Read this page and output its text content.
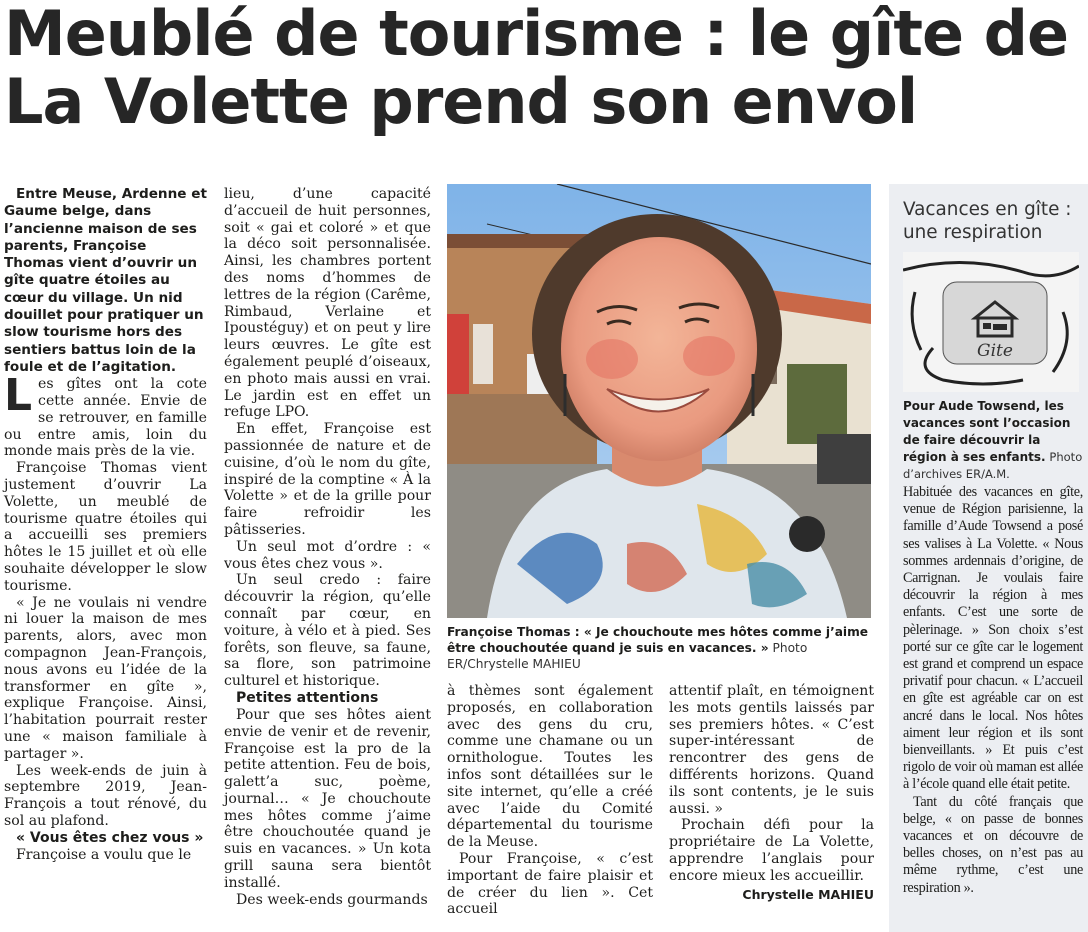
Meublé de tourisme : le gîte de La Volette prend son envol

Entre Meuse, Ardenne et Gaume belge, dans l’ancienne maison de ses parents, Françoise Thomas vient d’ouvrir un gîte quatre étoiles au cœur du village. Un nid douillet pour pratiquer un slow tourisme hors des sentiers battus loin de la foule et de l’agitation.

Les gîtes ont la cote cette année. Envie de se retrouver, en famille ou entre amis, loin du monde mais près de la vie.

Françoise Thomas vient justement d’ouvrir La Volette, un meublé de tourisme quatre étoiles qui a accueilli ses premiers hôtes le 15 juillet et où elle souhaite développer le slow tourisme.

« Je ne voulais ni vendre ni louer la maison de mes parents, alors, avec mon compagnon Jean-François, nous avons eu l’idée de la transformer en gîte », explique Françoise. Ainsi, l’habitation pourrait rester une « maison familiale à partager ».

Les week-ends de juin à septembre 2019, Jean-François a tout rénové, du sol au plafond.

« Vous êtes chez vous »

Françoise a voulu que le

lieu, d’une capacité d’accueil de huit personnes, soit « gai et coloré » et que la déco soit personnalisée. Ainsi, les chambres portent des noms d’hommes de lettres de la région (Carême, Rimbaud, Verlaine et Ipoustéguy) et on peut y lire leurs œuvres. Le gîte est également peuplé d’oiseaux, en photo mais aussi en vrai. Le jardin est en effet un refuge LPO.

En effet, Françoise est passionnée de nature et de cuisine, d’où le nom du gîte, inspiré de la comptine « À la Volette » et de la grille pour faire refroidir les pâtisseries.

Un seul mot d’ordre : « vous êtes chez vous ».

Un seul credo : faire découvrir la région, qu’elle connaît par cœur, en voiture, à vélo et à pied. Ses forêts, son fleuve, sa faune, sa flore, son patrimoine culturel et historique.

Petites attentions

Pour que ses hôtes aient envie de venir et de revenir, Françoise est la pro de la petite attention. Feu de bois, galett’a suc, poème, journal… « Je chouchoute mes hôtes comme j’aime être chouchoutée quand je suis en vacances. » Un kota grill sauna sera bientôt installé.

Des week-ends gourmands

Françoise Thomas : « Je chouchoute mes hôtes comme j’aime être chouchoutée quand je suis en vacances. » Photo ER/Chrystelle MAHIEU

à thèmes sont également proposés, en collaboration avec des gens du cru, comme une chamane ou un ornithologue. Toutes les infos sont détaillées sur le site internet, qu’elle a créé avec l’aide du Comité départemental du tourisme de la Meuse.

Pour Françoise, « c’est important de faire plaisir et de créer du lien ». Cet accueil

attentif plaît, en témoignent les mots gentils laissés par ses premiers hôtes. « C’est super-intéressant de rencontrer des gens de différents horizons. Quand ils sont contents, je le suis aussi. »

Prochain défi pour la propriétaire de La Volette, apprendre l’anglais pour encore mieux les accueillir.

Chrystelle MAHIEU

Vacances en gîte : une respiration
Gite
Pour Aude Towsend, les vacances sont l’occasion de faire découvrir la région à ses enfants. Photo d’archives ER/A.M.

Habituée des vacances en gîte, venue de Région parisienne, la famille d’Aude Towsend a posé ses valises à La Volette. « Nous sommes ardennais d’origine, de Carrignan. Je voulais faire découvrir la région à mes enfants. C’est une sorte de pèlerinage. » Son choix s’est porté sur ce gîte car le logement est grand et comprend un espace privatif pour chacun. « L’accueil en gîte est agréable car on est ancré dans le local. Nos hôtes aiment leur région et ils sont bienveillants. » Et puis c’est rigolo de voir où maman est allée à l’école quand elle était petite.

Tant du côté français que belge, « on passe de bonnes vacances et on découvre de belles choses, on n’est pas au même rythme, c’est une respiration ».
